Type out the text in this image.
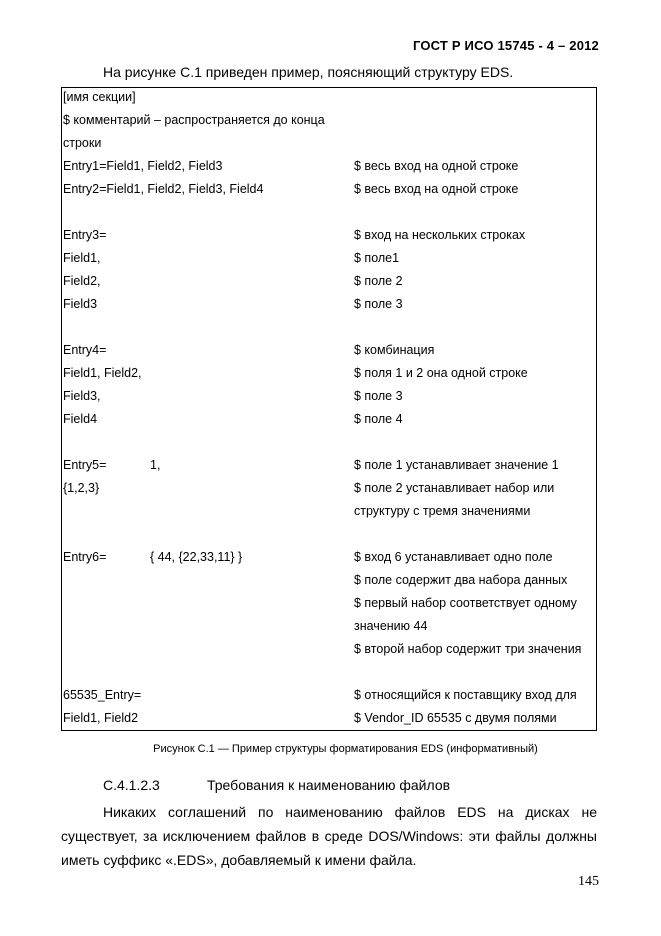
ГОСТ Р ИСО 15745 - 4 – 2012
На рисунке С.1 приведен пример, поясняющий структуру EDS.
[имя секции]
$ комментарий – распространяется до конца
строки
Entry1=Field1, Field2, Field3	$ весь вход на одной строке
Entry2=Field1, Field2, Field3, Field4	$ весь вход на одной строке
Entry3=	$ вход на нескольких строках
Field1,	$ поле1
Field2,	$ поле 2
Field3	$ поле 3
Entry4=	$ комбинация
Field1, Field2,	$ поля 1 и 2 она одной строке
Field3,	$ поле 3
Field4	$ поле 4
Entry5=	1,	$ поле 1 устанавливает значение 1
{1,2,3}	$ поле 2 устанавливает набор или
структуру с тремя значениями
Entry6=	{ 44, {22,33,11} }	$ вход 6 устанавливает одно поле
$ поле содержит два набора данных
$ первый набор соответствует одному
значению 44
$ второй набор содержит три значения
65535_Entry=	$ относящийся к поставщику вход для
Field1, Field2	$ Vendor_ID 65535 с двумя полями
Рисунок С.1 — Пример структуры форматирования EDS (информативный)
С.4.1.2.3	Требования к наименованию файлов
Никаких соглашений по наименованию файлов EDS на дисках не существует, за исключением файлов в среде DOS/Windows: эти файлы должны иметь суффикс «.EDS», добавляемый к имени файла.
145
